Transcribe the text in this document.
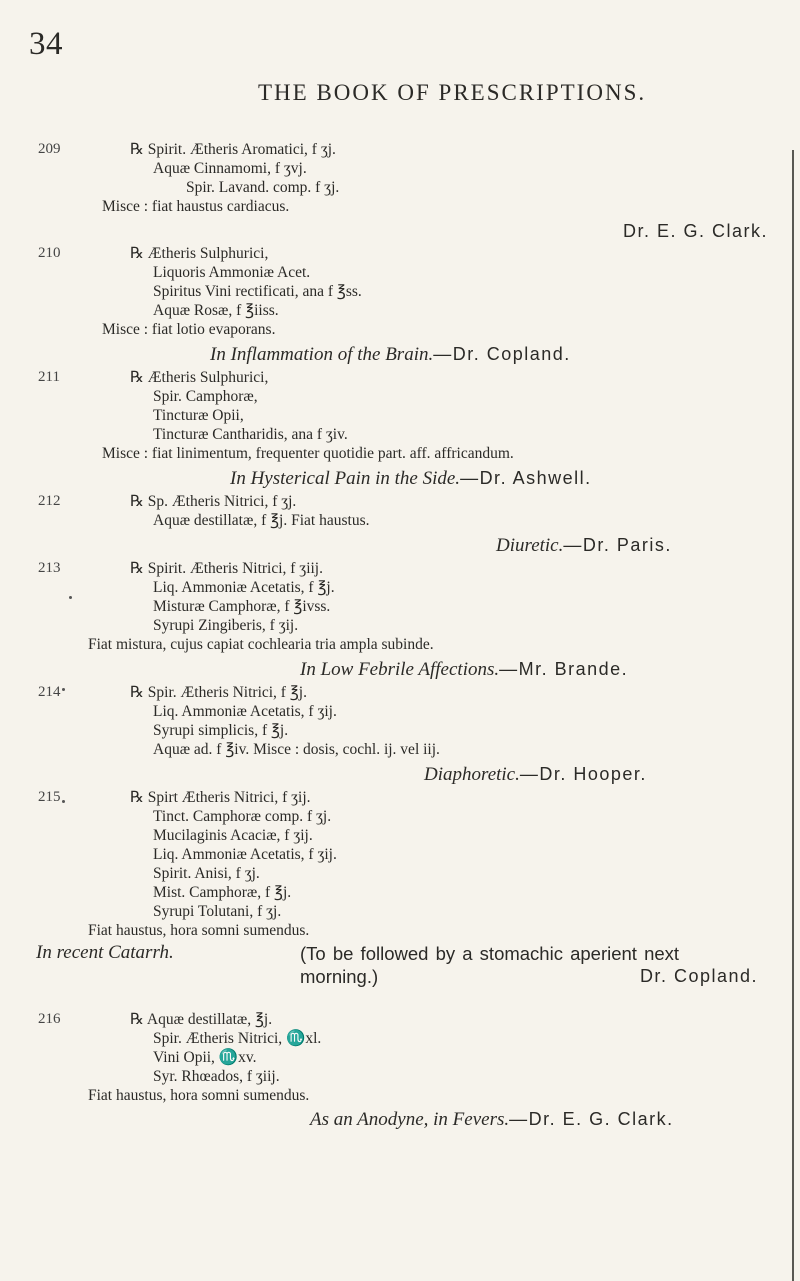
34
THE BOOK OF PRESCRIPTIONS.
209	℞ Spirit. Ætheris Aromatici, f ʒj.
Aquæ Cinnamomi, f ʒvj.
Spir. Lavand. comp. f ʒj.
Misce : fiat haustus cardiacus.
Dr. E. G. Clark.
210	℞ Ætheris Sulphurici,
Liquoris Ammoniæ Acet.
Spiritus Vini rectificati, ana f ℥ss.
Aquæ Rosæ, f ℥iiss.
Misce : fiat lotio evaporans.
In Inflammation of the Brain.—Dr. Copland.
211	℞ Ætheris Sulphurici,
Spir. Camphoræ,
Tincturæ Opii,
Tincturæ Cantharidis, ana f ʒiv.
Misce : fiat linimentum, frequenter quotidie part. aff. affricandum.
In Hysterical Pain in the Side.—Dr. Ashwell.
212	℞ Sp. Ætheris Nitrici, f ʒj.
Aquæ destillatæ, f ℥j. Fiat haustus.
Diuretic.—Dr. Paris.
213	℞ Spirit. Ætheris Nitrici, f ʒiij.
Liq. Ammoniæ Acetatis, f ℥j.
Misturæ Camphoræ, f ℥ivss.
Syrupi Zingiberis, f ʒij.
Fiat mistura, cujus capiat cochlearia tria ampla subinde.
In Low Febrile Affections.—Mr. Brande.
214	℞ Spir. Ætheris Nitrici, f ℥j.
Liq. Ammoniæ Acetatis, f ʒij.
Syrupi simplicis, f ℥j.
Aquæ ad. f ℥iv. Misce : dosis, cochl. ij. vel iij.
Diaphoretic.—Dr. Hooper.
215	℞ Spirt Ætheris Nitrici, f ʒij.
Tinct. Camphoræ comp. f ʒj.
Mucilaginis Acaciæ, f ʒij.
Liq. Ammoniæ Acetatis, f ʒij.
Spirit. Anisi, f ʒj.
Mist. Camphoræ, f ℥j.
Syrupi Tolutani, f ʒj.
Fiat haustus, hora somni sumendus.
In recent Catarrh.	(To be followed by a stomachic aperient next morning.)	Dr. Copland.
216	℞ Aquæ destillatæ, ℥j.
Spir. Ætheris Nitrici, ♏xl.
Vini Opii, ♏xv.
Syr. Rhœados, f ʒiij.
Fiat haustus, hora somni sumendus.
As an Anodyne, in Fevers.—Dr. E. G. Clark.
